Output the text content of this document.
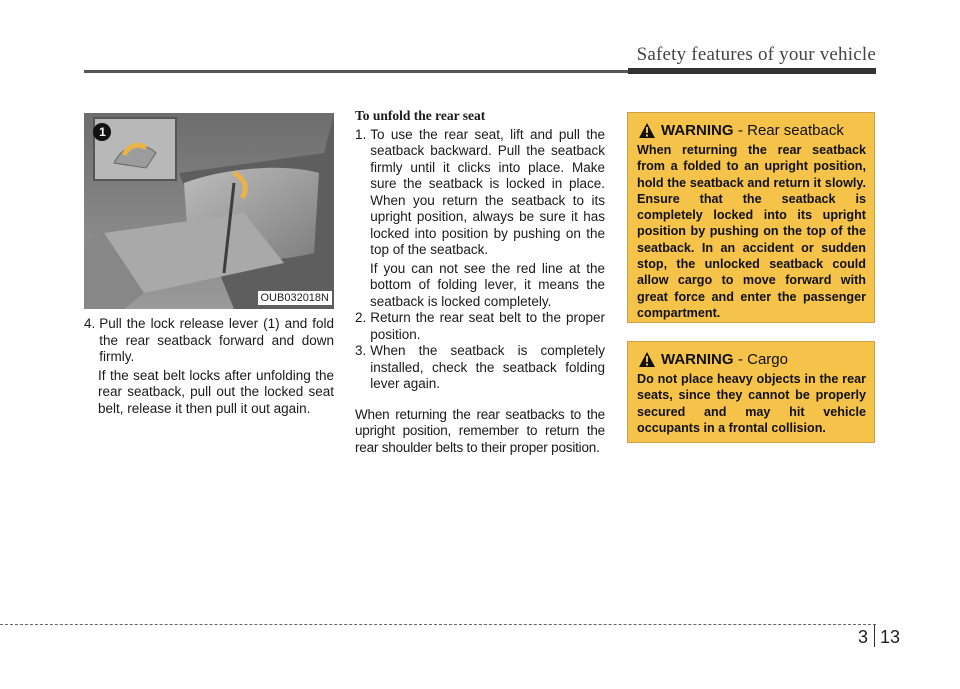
Safety features of your vehicle
1
OUB032018N
4. Pull the lock release lever (1) and fold the rear seatback forward and down firmly.
If the seat belt locks after unfolding the rear seatback, pull out the locked seat belt, release it then pull it out again.
To unfold the rear seat
1. To use the rear seat, lift and pull the seatback backward. Pull the seatback firmly until it clicks into place. Make sure the seatback is locked in place. When you return the seatback to its upright position, always be sure it has locked into position by pushing on the top of the seatback.
If you can not see the red line at the bottom of folding lever, it means the seatback is locked completely.
2. Return the rear seat belt to the proper position.
3. When the seatback is completely installed, check the seatback folding lever again.
When returning the rear seatbacks to the upright position, remember to return the rear shoulder belts to their proper position.
WARNING
- Rear seatback
When returning the rear seatback from a folded to an upright position, hold the seatback and return it slowly. Ensure that the seatback is completely locked into its upright position by pushing on the top of the seatback. In an accident or sudden stop, the unlocked seatback could allow cargo to move forward with great force and enter the passenger compartment.
WARNING
- Cargo
Do not place heavy objects in the rear seats, since they cannot be properly secured and may hit vehicle occupants in a frontal collision.
3 13
